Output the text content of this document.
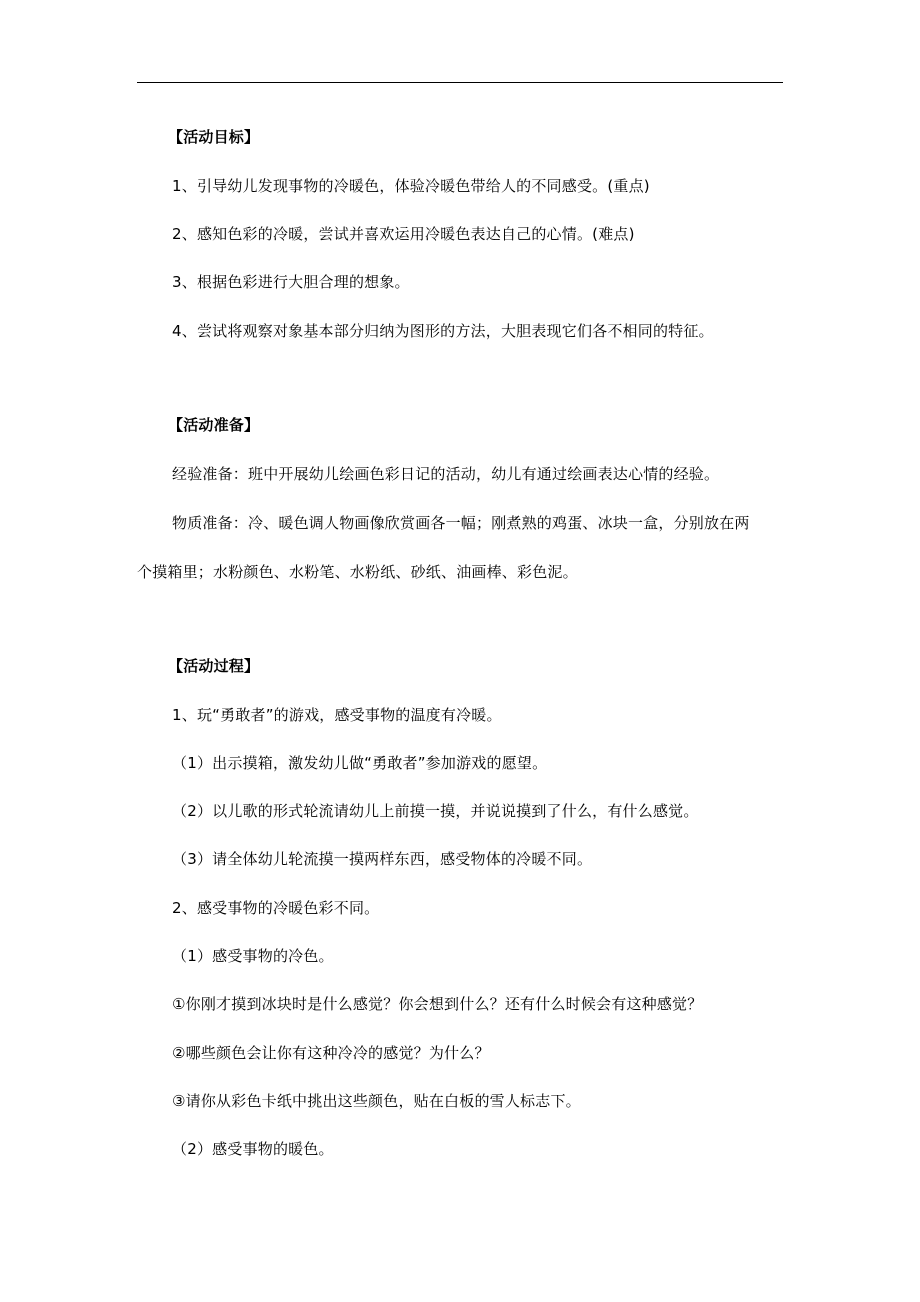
【活动目标】
1、引导幼儿发现事物的冷暖色，体验冷暖色带给人的不同感受。(重点)
2、感知色彩的冷暖，尝试并喜欢运用冷暖色表达自己的心情。(难点)
3、根据色彩进行大胆合理的想象。
4、尝试将观察对象基本部分归纳为图形的方法，大胆表现它们各不相同的特征。
【活动准备】
经验准备：班中开展幼儿绘画色彩日记的活动，幼儿有通过绘画表达心情的经验。
物质准备：冷、暖色调人物画像欣赏画各一幅；刚煮熟的鸡蛋、冰块一盒，分别放在两
个摸箱里；水粉颜色、水粉笔、水粉纸、砂纸、油画棒、彩色泥。
【活动过程】
1、玩“勇敢者”的游戏，感受事物的温度有冷暖。
（1）出示摸箱，激发幼儿做“勇敢者”参加游戏的愿望。
（2）以儿歌的形式轮流请幼儿上前摸一摸，并说说摸到了什么，有什么感觉。
（3）请全体幼儿轮流摸一摸两样东西，感受物体的冷暖不同。
2、感受事物的冷暖色彩不同。
（1）感受事物的冷色。
①你刚才摸到冰块时是什么感觉？你会想到什么？还有什么时候会有这种感觉？
②哪些颜色会让你有这种冷冷的感觉？为什么？
③请你从彩色卡纸中挑出这些颜色，贴在白板的雪人标志下。
（2）感受事物的暖色。
